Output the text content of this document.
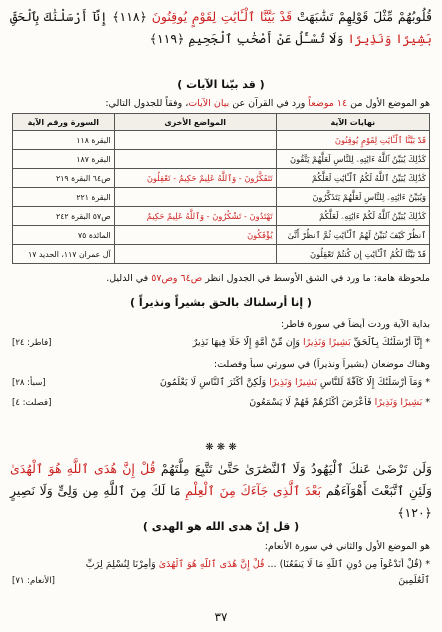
قُلُوبُهُمْ مِّثْلَ قَوْلِهِمْ تَشَٰبَهَتْ قَدْ بَيَّنَّا ٱلْـَٔايَٰتِ لِقَوْمٍ يُوقِنُونَ ﴿١١٨﴾ إِنَّآ أَرْسَلْنَٰكَ بِٱلْحَقِّ بَشِيرًا وَنَذِيرًا وَلَا تُسْـَٔلُ عَنْ أَصْحَٰبِ ٱلْجَحِيمِ ﴿١١٩﴾
( قد بيّنا الآيات )
هو الموضع الأول من ١٤ موضعاً ورد في القرآن عن بيان الآيات، وفقاً للجدول التالي:
نهايات الآية	المواضع الأخرى	السورة ورقم الآية
قَدْ بَيَّنَّا ٱلْـَٔايَٰتِ لِقَوْمٍ يُوقِنُونَ		البقرة ١١٨
كَذَٰلِكَ يُبَيِّنُ ٱللَّهُ ءَايَٰتِهِۦ لِلنَّاسِ لَعَلَّهُمْ يَتَّقُونَ		البقرة ١٨٧
كَذَٰلِكَ يُبَيِّنُ ٱللَّهُ لَكُمُ ٱلْـَٔايَٰتِ لَعَلَّكُمْ	تَتَفَكَّرُونَ - وَٱللَّهُ عَلِيمٌ حَكِيمٌ - تَعْقِلُونَ	ص٦٤ البقرة ٢١٩
وَيُبَيِّنُ ءَايَٰتِهِۦ لِلنَّاسِ لَعَلَّهُمْ يَتَذَكَّرُونَ		البقرة ٢٢١
كَذَٰلِكَ يُبَيِّنُ ٱللَّهُ لَكُمْ ءَايَٰتِهِۦ لَعَلَّكُمْ	تَهْتَدُونَ - تَشْكُرُونَ - وَٱللَّهُ عَلِيمٌ حَكِيمٌ	ص٥٧ البقرة ٢٤٢
ٱنظُرْ كَيْفَ نُبَيِّنُ لَهُمُ ٱلْـَٔايَٰتِ ثُمَّ ٱنظُرْ أَنَّىٰ	يُؤْفَكُونَ	المائدة ٧٥
قَدْ بَيَّنَّا لَكُمُ ٱلْـَٔايَٰتِ إِن كُنتُمْ تَعْقِلُونَ		آل عمران ١١٧، الحديد ١٧
ملحوظة هامة: ما ورد في الشق الأوسط في الجدول انظر ص٦٤ وص٥٧ في الدليل.
( إنا أرسلناك بالحق بشيراً ونذيراً )
بداية الآية وردت أيضاً في سورة فاطر:
* إِنَّآ أَرْسَلْنَٰكَ بِٱلْحَقِّ بَشِيرًا وَنَذِيرًا وَإِن مِّنْ أُمَّةٍ إِلَّا خَلَا فِيهَا نَذِيرٌ
[فاطر: ٢٤]
وهناك موضعان (بشيراً ونذيراً) في سورتي سبأ وفصلت:
* وَمَآ أَرْسَلْنَٰكَ إِلَّا كَآفَّةً لِّلنَّاسِ بَشِيرًا وَنَذِيرًا وَلَٰكِنَّ أَكْثَرَ ٱلنَّاسِ لَا يَعْلَمُونَ
[سبأ: ٢٨]
* بَشِيرًا وَنَذِيرًا فَأَعْرَضَ أَكْثَرُهُمْ فَهُمْ لَا يَسْمَعُونَ
[فصلت: ٤]
❋ ❋ ❋
وَلَن تَرْضَىٰ عَنكَ ٱلْيَهُودُ وَلَا ٱلنَّصَٰرَىٰ حَتَّىٰ تَتَّبِعَ مِلَّتَهُمْ قُلْ إِنَّ هُدَى ٱللَّهِ هُوَ ٱلْهُدَىٰ وَلَئِنِ ٱتَّبَعْتَ أَهْوَآءَهُم بَعْدَ ٱلَّذِى جَآءَكَ مِنَ ٱلْعِلْمِ مَا لَكَ مِنَ ٱللَّهِ مِن وَلِىٍّ وَلَا نَصِيرٍ ﴿١٢٠﴾
( قل إنّ هدى الله هو الهدى )
هو الموضع الأول والثاني في سورة الأنعام:
* (قُلْ أَنَدْعُواْ مِن دُونِ ٱللَّهِ مَا لَا يَنفَعُنَا) ... قُلْ إِنَّ هُدَى ٱللَّهِ هُوَ ٱلْهُدَىٰ وَأُمِرْنَا لِنُسْلِمَ لِرَبِّ
ٱلْعَٰلَمِينَ
[الأنعام: ٧١]
٣٧
